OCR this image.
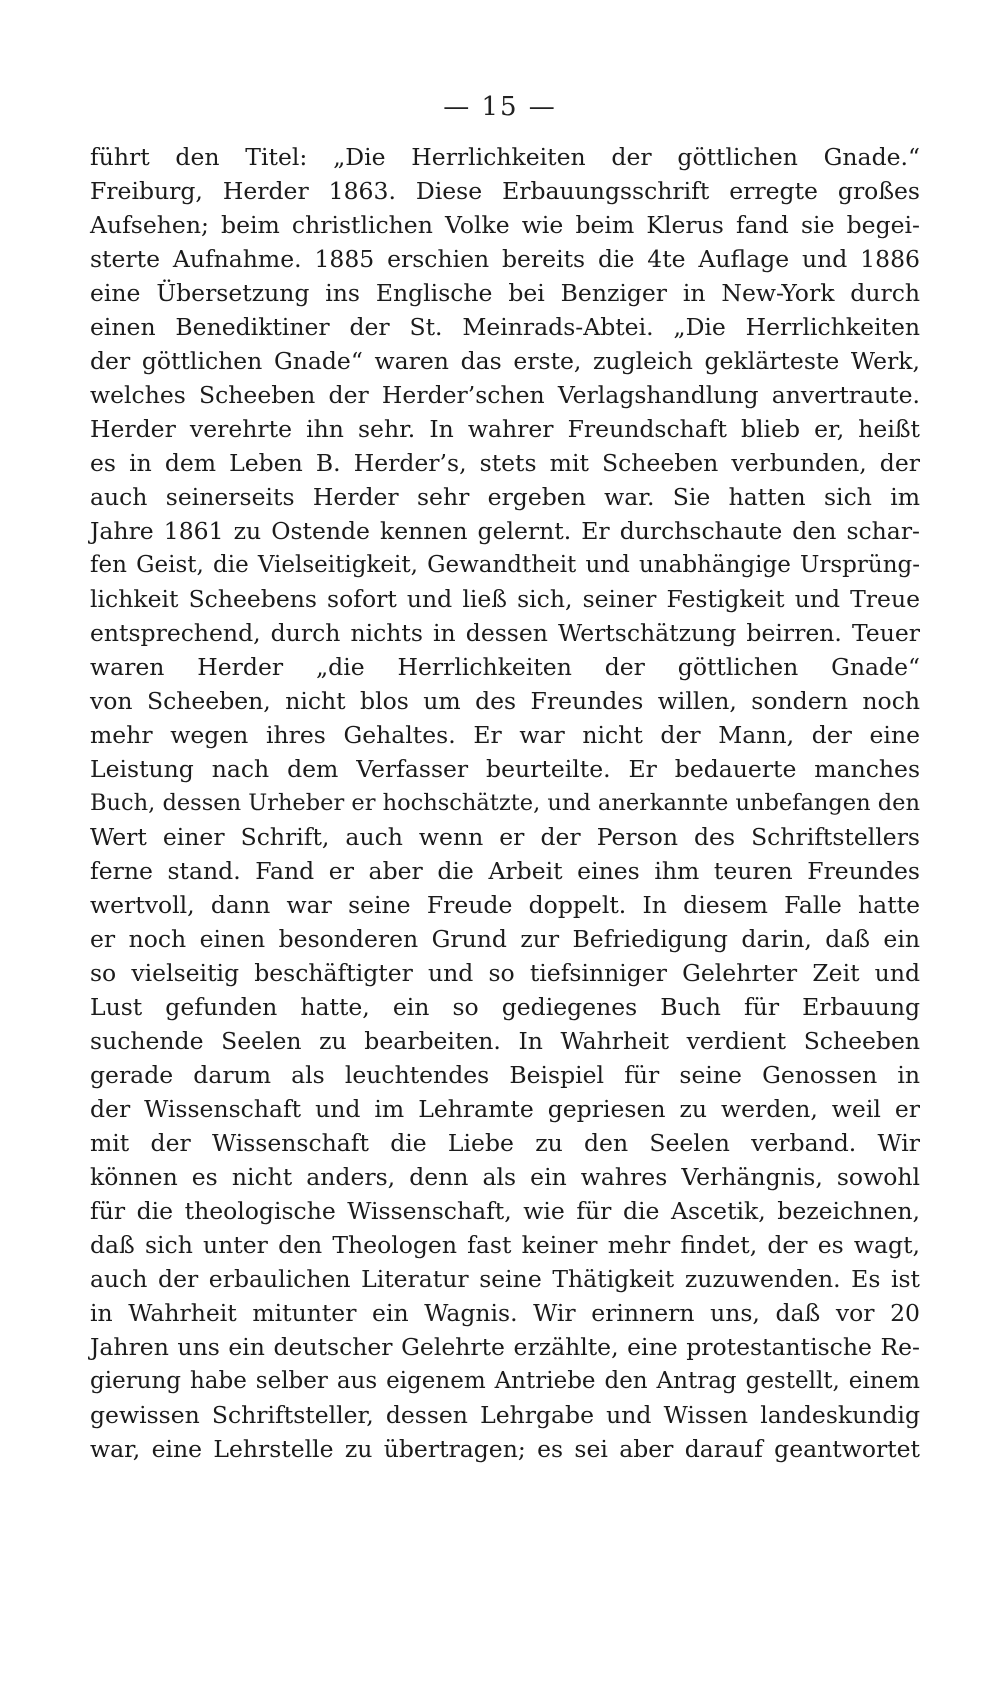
— 15 —
führt den Titel: „Die Herrlichkeiten der göttlichen Gnade.“
Freiburg, Herder 1863. Diese Erbauungsschrift erregte großes
Aufsehen; beim christlichen Volke wie beim Klerus fand sie begei-
sterte Aufnahme. 1885 erschien bereits die 4te Auflage und 1886
eine Übersetzung ins Englische bei Benziger in New-York durch
einen Benediktiner der St. Meinrads-Abtei. „Die Herrlichkeiten
der göttlichen Gnade“ waren das erste, zugleich geklärteste Werk,
welches Scheeben der Herder’schen Verlagshandlung anvertraute.
Herder verehrte ihn sehr. In wahrer Freundschaft blieb er, heißt
es in dem Leben B. Herder’s, stets mit Scheeben verbunden, der
auch seinerseits Herder sehr ergeben war. Sie hatten sich im
Jahre 1861 zu Ostende kennen gelernt. Er durchschaute den schar-
fen Geist, die Vielseitigkeit, Gewandtheit und unabhängige Ursprüng-
lichkeit Scheebens sofort und ließ sich, seiner Festigkeit und Treue
entsprechend, durch nichts in dessen Wertschätzung beirren. Teuer
waren Herder „die Herrlichkeiten der göttlichen Gnade“
von Scheeben, nicht blos um des Freundes willen, sondern noch
mehr wegen ihres Gehaltes. Er war nicht der Mann, der eine
Leistung nach dem Verfasser beurteilte. Er bedauerte manches
Buch, dessen Urheber er hochschätzte, und anerkannte unbefangen den
Wert einer Schrift, auch wenn er der Person des Schriftstellers
ferne stand. Fand er aber die Arbeit eines ihm teuren Freundes
wertvoll, dann war seine Freude doppelt. In diesem Falle hatte
er noch einen besonderen Grund zur Befriedigung darin, daß ein
so vielseitig beschäftigter und so tiefsinniger Gelehrter Zeit und
Lust gefunden hatte, ein so gediegenes Buch für Erbauung
suchende Seelen zu bearbeiten. In Wahrheit verdient Scheeben
gerade darum als leuchtendes Beispiel für seine Genossen in
der Wissenschaft und im Lehramte gepriesen zu werden, weil er
mit der Wissenschaft die Liebe zu den Seelen verband. Wir
können es nicht anders, denn als ein wahres Verhängnis, sowohl
für die theologische Wissenschaft, wie für die Ascetik, bezeichnen,
daß sich unter den Theologen fast keiner mehr findet, der es wagt,
auch der erbaulichen Literatur seine Thätigkeit zuzuwenden. Es ist
in Wahrheit mitunter ein Wagnis. Wir erinnern uns, daß vor 20
Jahren uns ein deutscher Gelehrte erzählte, eine protestantische Re-
gierung habe selber aus eigenem Antriebe den Antrag gestellt, einem
gewissen Schriftsteller, dessen Lehrgabe und Wissen landeskundig
war, eine Lehrstelle zu übertragen; es sei aber darauf geantwortet
